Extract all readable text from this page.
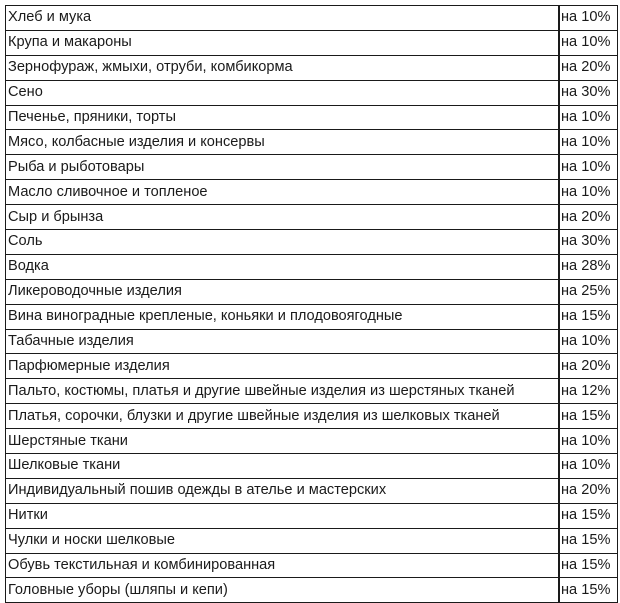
Хлеб и мука	на 10%
Крупа и макароны	на 10%
Зернофураж, жмыхи, отруби, комбикорма	на 20%
Сено	на 30%
Печенье, пряники, торты	на 10%
Мясо, колбасные изделия и консервы	на 10%
Рыба и рыботовары	на 10%
Масло сливочное и топленое	на 10%
Сыр и брынза	на 20%
Соль	на 30%
Водка	на 28%
Ликероводочные изделия	на 25%
Вина виноградные крепленые, коньяки и плодовоягодные	на 15%
Табачные изделия	на 10%
Парфюмерные изделия	на 20%
Пальто, костюмы, платья и другие швейные изделия из шерстяных тканей	на 12%
Платья, сорочки, блузки и другие швейные изделия из шелковых тканей	на 15%
Шерстяные ткани	на 10%
Шелковые ткани	на 10%
Индивидуальный пошив одежды в ателье и мастерских	на 20%
Нитки	на 15%
Чулки и носки шелковые	на 15%
Обувь текстильная и комбинированная	на 15%
Головные уборы (шляпы и кепи)	на 15%
